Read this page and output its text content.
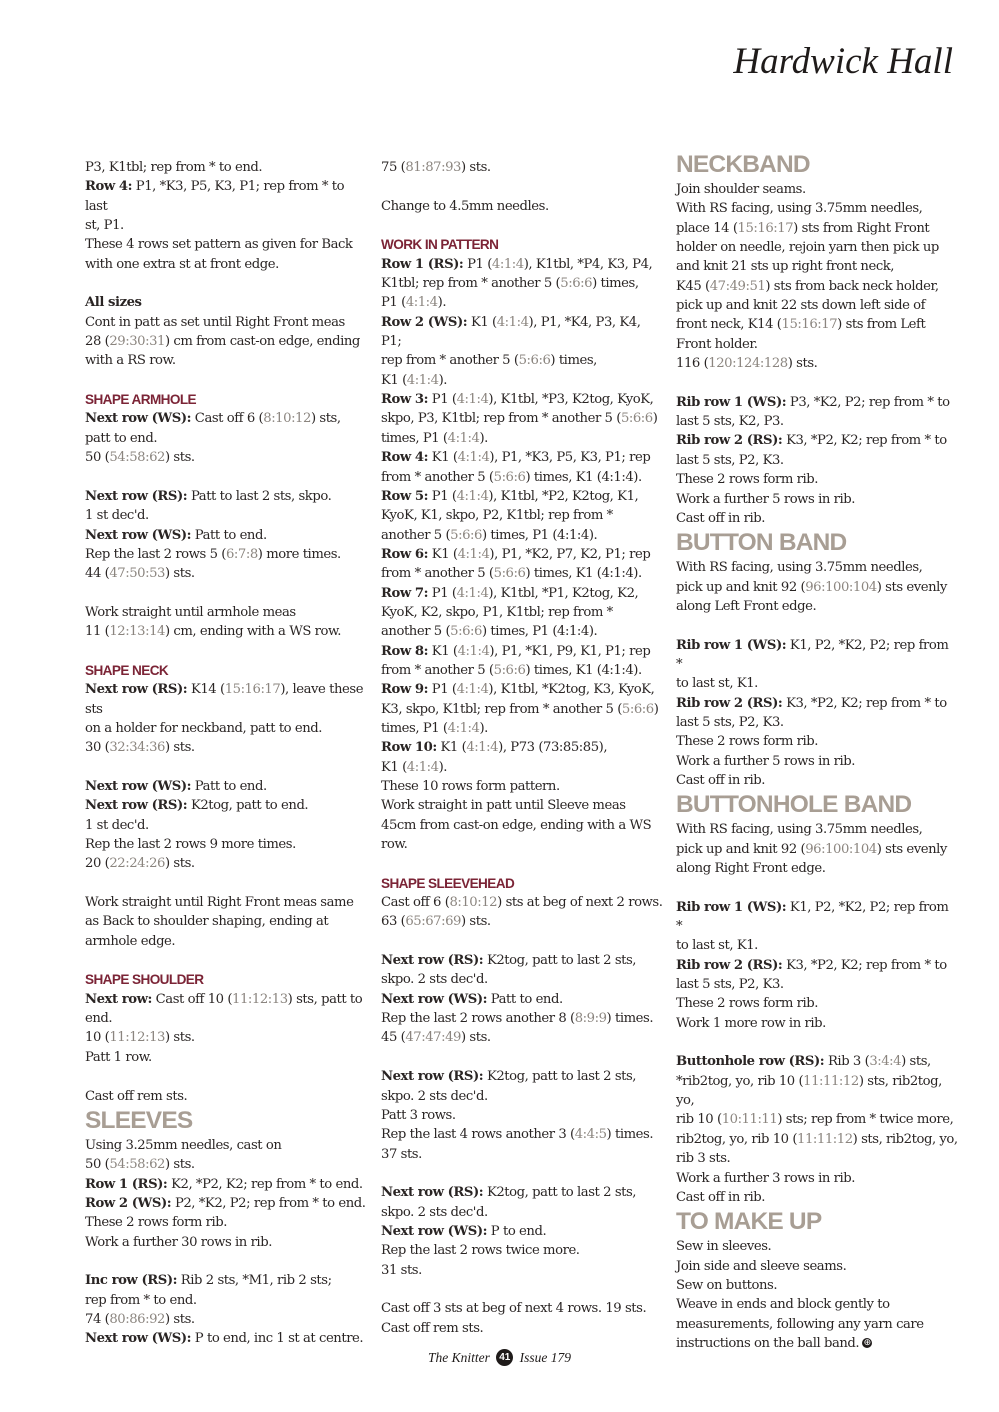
Hardwick Hall
P3, K1tbl; rep from * to end.
Row 4: P1, *K3, P5, K3, P1; rep from * to last
st, P1.
These 4 rows set pattern as given for Back
with one extra st at front edge.
All sizes
Cont in patt as set until Right Front meas
28 (29:30:31) cm from cast-on edge, ending
with a RS row.
SHAPE ARMHOLE
Next row (WS): Cast off 6 (8:10:12) sts,
patt to end.
50 (54:58:62) sts.
Next row (RS): Patt to last 2 sts, skpo.
1 st dec'd.
Next row (WS): Patt to end.
Rep the last 2 rows 5 (6:7:8) more times.
44 (47:50:53) sts.
Work straight until armhole meas
11 (12:13:14) cm, ending with a WS row.
SHAPE NECK
Next row (RS): K14 (15:16:17), leave these sts
on a holder for neckband, patt to end.
30 (32:34:36) sts.
Next row (WS): Patt to end.
Next row (RS): K2tog, patt to end.
1 st dec'd.
Rep the last 2 rows 9 more times.
20 (22:24:26) sts.
Work straight until Right Front meas same
as Back to shoulder shaping, ending at
armhole edge.
SHAPE SHOULDER
Next row: Cast off 10 (11:12:13) sts, patt to
end.
10 (11:12:13) sts.
Patt 1 row.
Cast off rem sts.
SLEEVES
Using 3.25mm needles, cast on
50 (54:58:62) sts.
Row 1 (RS): K2, *P2, K2; rep from * to end.
Row 2 (WS): P2, *K2, P2; rep from * to end.
These 2 rows form rib.
Work a further 30 rows in rib.
Inc row (RS): Rib 2 sts, *M1, rib 2 sts;
rep from * to end.
74 (80:86:92) sts.
Next row (WS): P to end, inc 1 st at centre.
75 (81:87:93) sts.
Change to 4.5mm needles.
WORK IN PATTERN
Row 1 (RS): P1 (4:1:4), K1tbl, *P4, K3, P4,
K1tbl; rep from * another 5 (5:6:6) times,
P1 (4:1:4).
Row 2 (WS): K1 (4:1:4), P1, *K4, P3, K4, P1;
rep from * another 5 (5:6:6) times,
K1 (4:1:4).
Row 3: P1 (4:1:4), K1tbl, *P3, K2tog, KyoK,
skpo, P3, K1tbl; rep from * another 5 (5:6:6)
times, P1 (4:1:4).
Row 4: K1 (4:1:4), P1, *K3, P5, K3, P1; rep
from * another 5 (5:6:6) times, K1 (4:1:4).
Row 5: P1 (4:1:4), K1tbl, *P2, K2tog, K1,
KyoK, K1, skpo, P2, K1tbl; rep from *
another 5 (5:6:6) times, P1 (4:1:4).
Row 6: K1 (4:1:4), P1, *K2, P7, K2, P1; rep
from * another 5 (5:6:6) times, K1 (4:1:4).
Row 7: P1 (4:1:4), K1tbl, *P1, K2tog, K2,
KyoK, K2, skpo, P1, K1tbl; rep from *
another 5 (5:6:6) times, P1 (4:1:4).
Row 8: K1 (4:1:4), P1, *K1, P9, K1, P1; rep
from * another 5 (5:6:6) times, K1 (4:1:4).
Row 9: P1 (4:1:4), K1tbl, *K2tog, K3, KyoK,
K3, skpo, K1tbl; rep from * another 5 (5:6:6)
times, P1 (4:1:4).
Row 10: K1 (4:1:4), P73 (73:85:85),
K1 (4:1:4).
These 10 rows form pattern.
Work straight in patt until Sleeve meas
45cm from cast-on edge, ending with a WS
row.
SHAPE SLEEVEHEAD
Cast off 6 (8:10:12) sts at beg of next 2 rows.
63 (65:67:69) sts.
Next row (RS): K2tog, patt to last 2 sts,
skpo. 2 sts dec'd.
Next row (WS): Patt to end.
Rep the last 2 rows another 8 (8:9:9) times.
45 (47:47:49) sts.
Next row (RS): K2tog, patt to last 2 sts,
skpo. 2 sts dec'd.
Patt 3 rows.
Rep the last 4 rows another 3 (4:4:5) times.
37 sts.
Next row (RS): K2tog, patt to last 2 sts,
skpo. 2 sts dec'd.
Next row (WS): P to end.
Rep the last 2 rows twice more.
31 sts.
Cast off 3 sts at beg of next 4 rows. 19 sts.
Cast off rem sts.
NECKBAND
Join shoulder seams.
With RS facing, using 3.75mm needles,
place 14 (15:16:17) sts from Right Front
holder on needle, rejoin yarn then pick up
and knit 21 sts up right front neck,
K45 (47:49:51) sts from back neck holder,
pick up and knit 22 sts down left side of
front neck, K14 (15:16:17) sts from Left
Front holder.
116 (120:124:128) sts.
Rib row 1 (WS): P3, *K2, P2; rep from * to
last 5 sts, K2, P3.
Rib row 2 (RS): K3, *P2, K2; rep from * to
last 5 sts, P2, K3.
These 2 rows form rib.
Work a further 5 rows in rib.
Cast off in rib.
BUTTON BAND
With RS facing, using 3.75mm needles,
pick up and knit 92 (96:100:104) sts evenly
along Left Front edge.
Rib row 1 (WS): K1, P2, *K2, P2; rep from *
to last st, K1.
Rib row 2 (RS): K3, *P2, K2; rep from * to
last 5 sts, P2, K3.
These 2 rows form rib.
Work a further 5 rows in rib.
Cast off in rib.
BUTTONHOLE BAND
With RS facing, using 3.75mm needles,
pick up and knit 92 (96:100:104) sts evenly
along Right Front edge.
Rib row 1 (WS): K1, P2, *K2, P2; rep from *
to last st, K1.
Rib row 2 (RS): K3, *P2, K2; rep from * to
last 5 sts, P2, K3.
These 2 rows form rib.
Work 1 more row in rib.
Buttonhole row (RS): Rib 3 (3:4:4) sts,
*rib2tog, yo, rib 10 (11:11:12) sts, rib2tog, yo,
rib 10 (10:11:11) sts; rep from * twice more,
rib2tog, yo, rib 10 (11:11:12) sts, rib2tog, yo,
rib 3 sts.
Work a further 3 rows in rib.
Cast off in rib.
TO MAKE UP
Sew in sleeves.
Join side and sleeve seams.
Sew on buttons.
Weave in ends and block gently to
measurements, following any yarn care
instructions on the ball band. ⊕
The Knitter 41 Issue 179
